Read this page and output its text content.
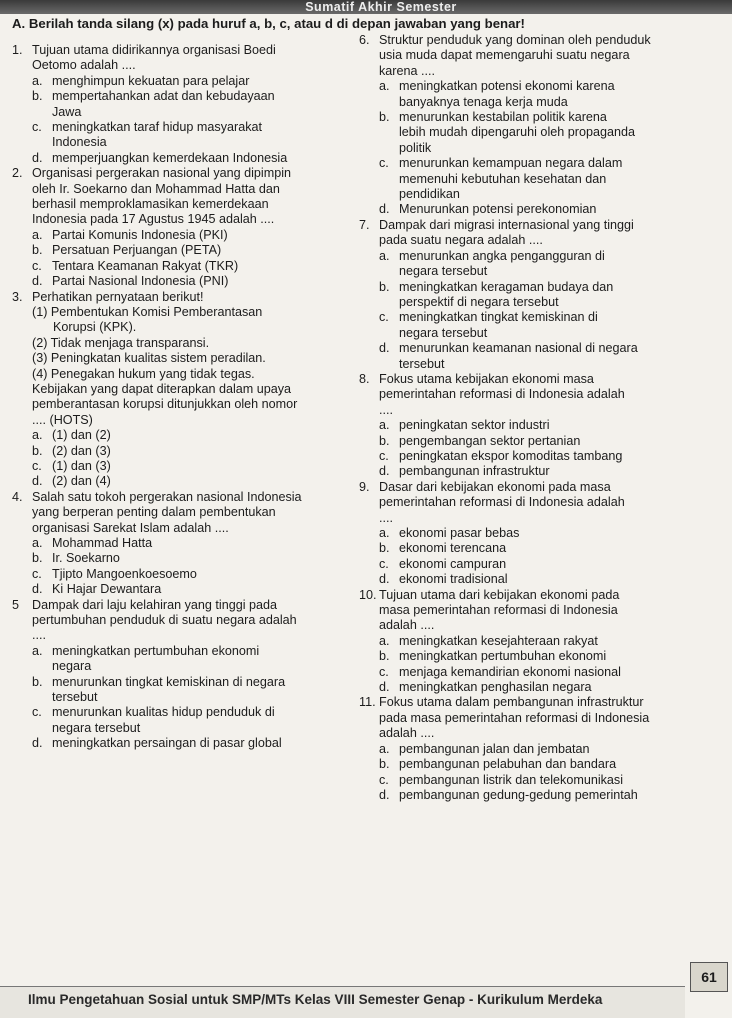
Sumatif Akhir Semester
A. Berilah tanda silang (x) pada huruf a, b, c, atau d di depan jawaban yang benar!
1. Tujuan utama didirikannya organisasi Boedi
Oetomo adalah ....
a. menghimpun kekuatan para pelajar
b. mempertahankan adat dan kebudayaan
Jawa
c. meningkatkan taraf hidup masyarakat
Indonesia
d. memperjuangkan kemerdekaan Indonesia
2. Organisasi pergerakan nasional yang dipimpin
oleh Ir. Soekarno dan Mohammad Hatta dan
berhasil memproklamasikan kemerdekaan
Indonesia pada 17 Agustus 1945 adalah ....
a. Partai Komunis Indonesia (PKI)
b. Persatuan Perjuangan (PETA)
c. Tentara Keamanan Rakyat (TKR)
d. Partai Nasional Indonesia (PNI)
3. Perhatikan pernyataan berikut!
(1) Pembentukan Komisi Pemberantasan
Korupsi (KPK).
(2) Tidak menjaga transparansi.
(3) Peningkatan kualitas sistem peradilan.
(4) Penegakan hukum yang tidak tegas.
Kebijakan yang dapat diterapkan dalam upaya
pemberantasan korupsi ditunjukkan oleh nomor
.... (HOTS)
a. (1) dan (2)
b. (2) dan (3)
c. (1) dan (3)
d. (2) dan (4)
4. Salah satu tokoh pergerakan nasional Indonesia
yang berperan penting dalam pembentukan
organisasi Sarekat Islam adalah ....
a. Mohammad Hatta
b. Ir. Soekarno
c. Tjipto Mangoenkoesoemo
d. Ki Hajar Dewantara
5 Dampak dari laju kelahiran yang tinggi pada
pertumbuhan penduduk di suatu negara adalah
....
a. meningkatkan pertumbuhan ekonomi
negara
b. menurunkan tingkat kemiskinan di negara
tersebut
c. menurunkan kualitas hidup penduduk di
negara tersebut
d. meningkatkan persaingan di pasar global
6. Struktur penduduk yang dominan oleh penduduk
usia muda dapat memengaruhi suatu negara
karena ....
a. meningkatkan potensi ekonomi karena
banyaknya tenaga kerja muda
b. menurunkan kestabilan politik karena
lebih mudah dipengaruhi oleh propaganda
politik
c. menurunkan kemampuan negara dalam
memenuhi kebutuhan kesehatan dan
pendidikan
d. Menurunkan potensi perekonomian
7. Dampak dari migrasi internasional yang tinggi
pada suatu negara adalah ....
a. menurunkan angka pengangguran di
negara tersebut
b. meningkatkan keragaman budaya dan
perspektif di negara tersebut
c. meningkatkan tingkat kemiskinan di
negara tersebut
d. menurunkan keamanan nasional di negara
tersebut
8. Fokus utama kebijakan ekonomi masa
pemerintahan reformasi di Indonesia adalah
....
a. peningkatan sektor industri
b. pengembangan sektor pertanian
c. peningkatan ekspor komoditas tambang
d. pembangunan infrastruktur
9. Dasar dari kebijakan ekonomi pada masa
pemerintahan reformasi di Indonesia adalah
....
a. ekonomi pasar bebas
b. ekonomi terencana
c. ekonomi campuran
d. ekonomi tradisional
10. Tujuan utama dari kebijakan ekonomi pada
masa pemerintahan reformasi di Indonesia
adalah ....
a. meningkatkan kesejahteraan rakyat
b. meningkatkan pertumbuhan ekonomi
c. menjaga kemandirian ekonomi nasional
d. meningkatkan penghasilan negara
11. Fokus utama dalam pembangunan infrastruktur
pada masa pemerintahan reformasi di Indonesia
adalah ....
a. pembangunan jalan dan jembatan
b. pembangunan pelabuhan dan bandara
c. pembangunan listrik dan telekomunikasi
d. pembangunan gedung-gedung pemerintah
Ilmu Pengetahuan Sosial untuk SMP/MTs Kelas VIII Semester Genap - Kurikulum Merdeka
61
